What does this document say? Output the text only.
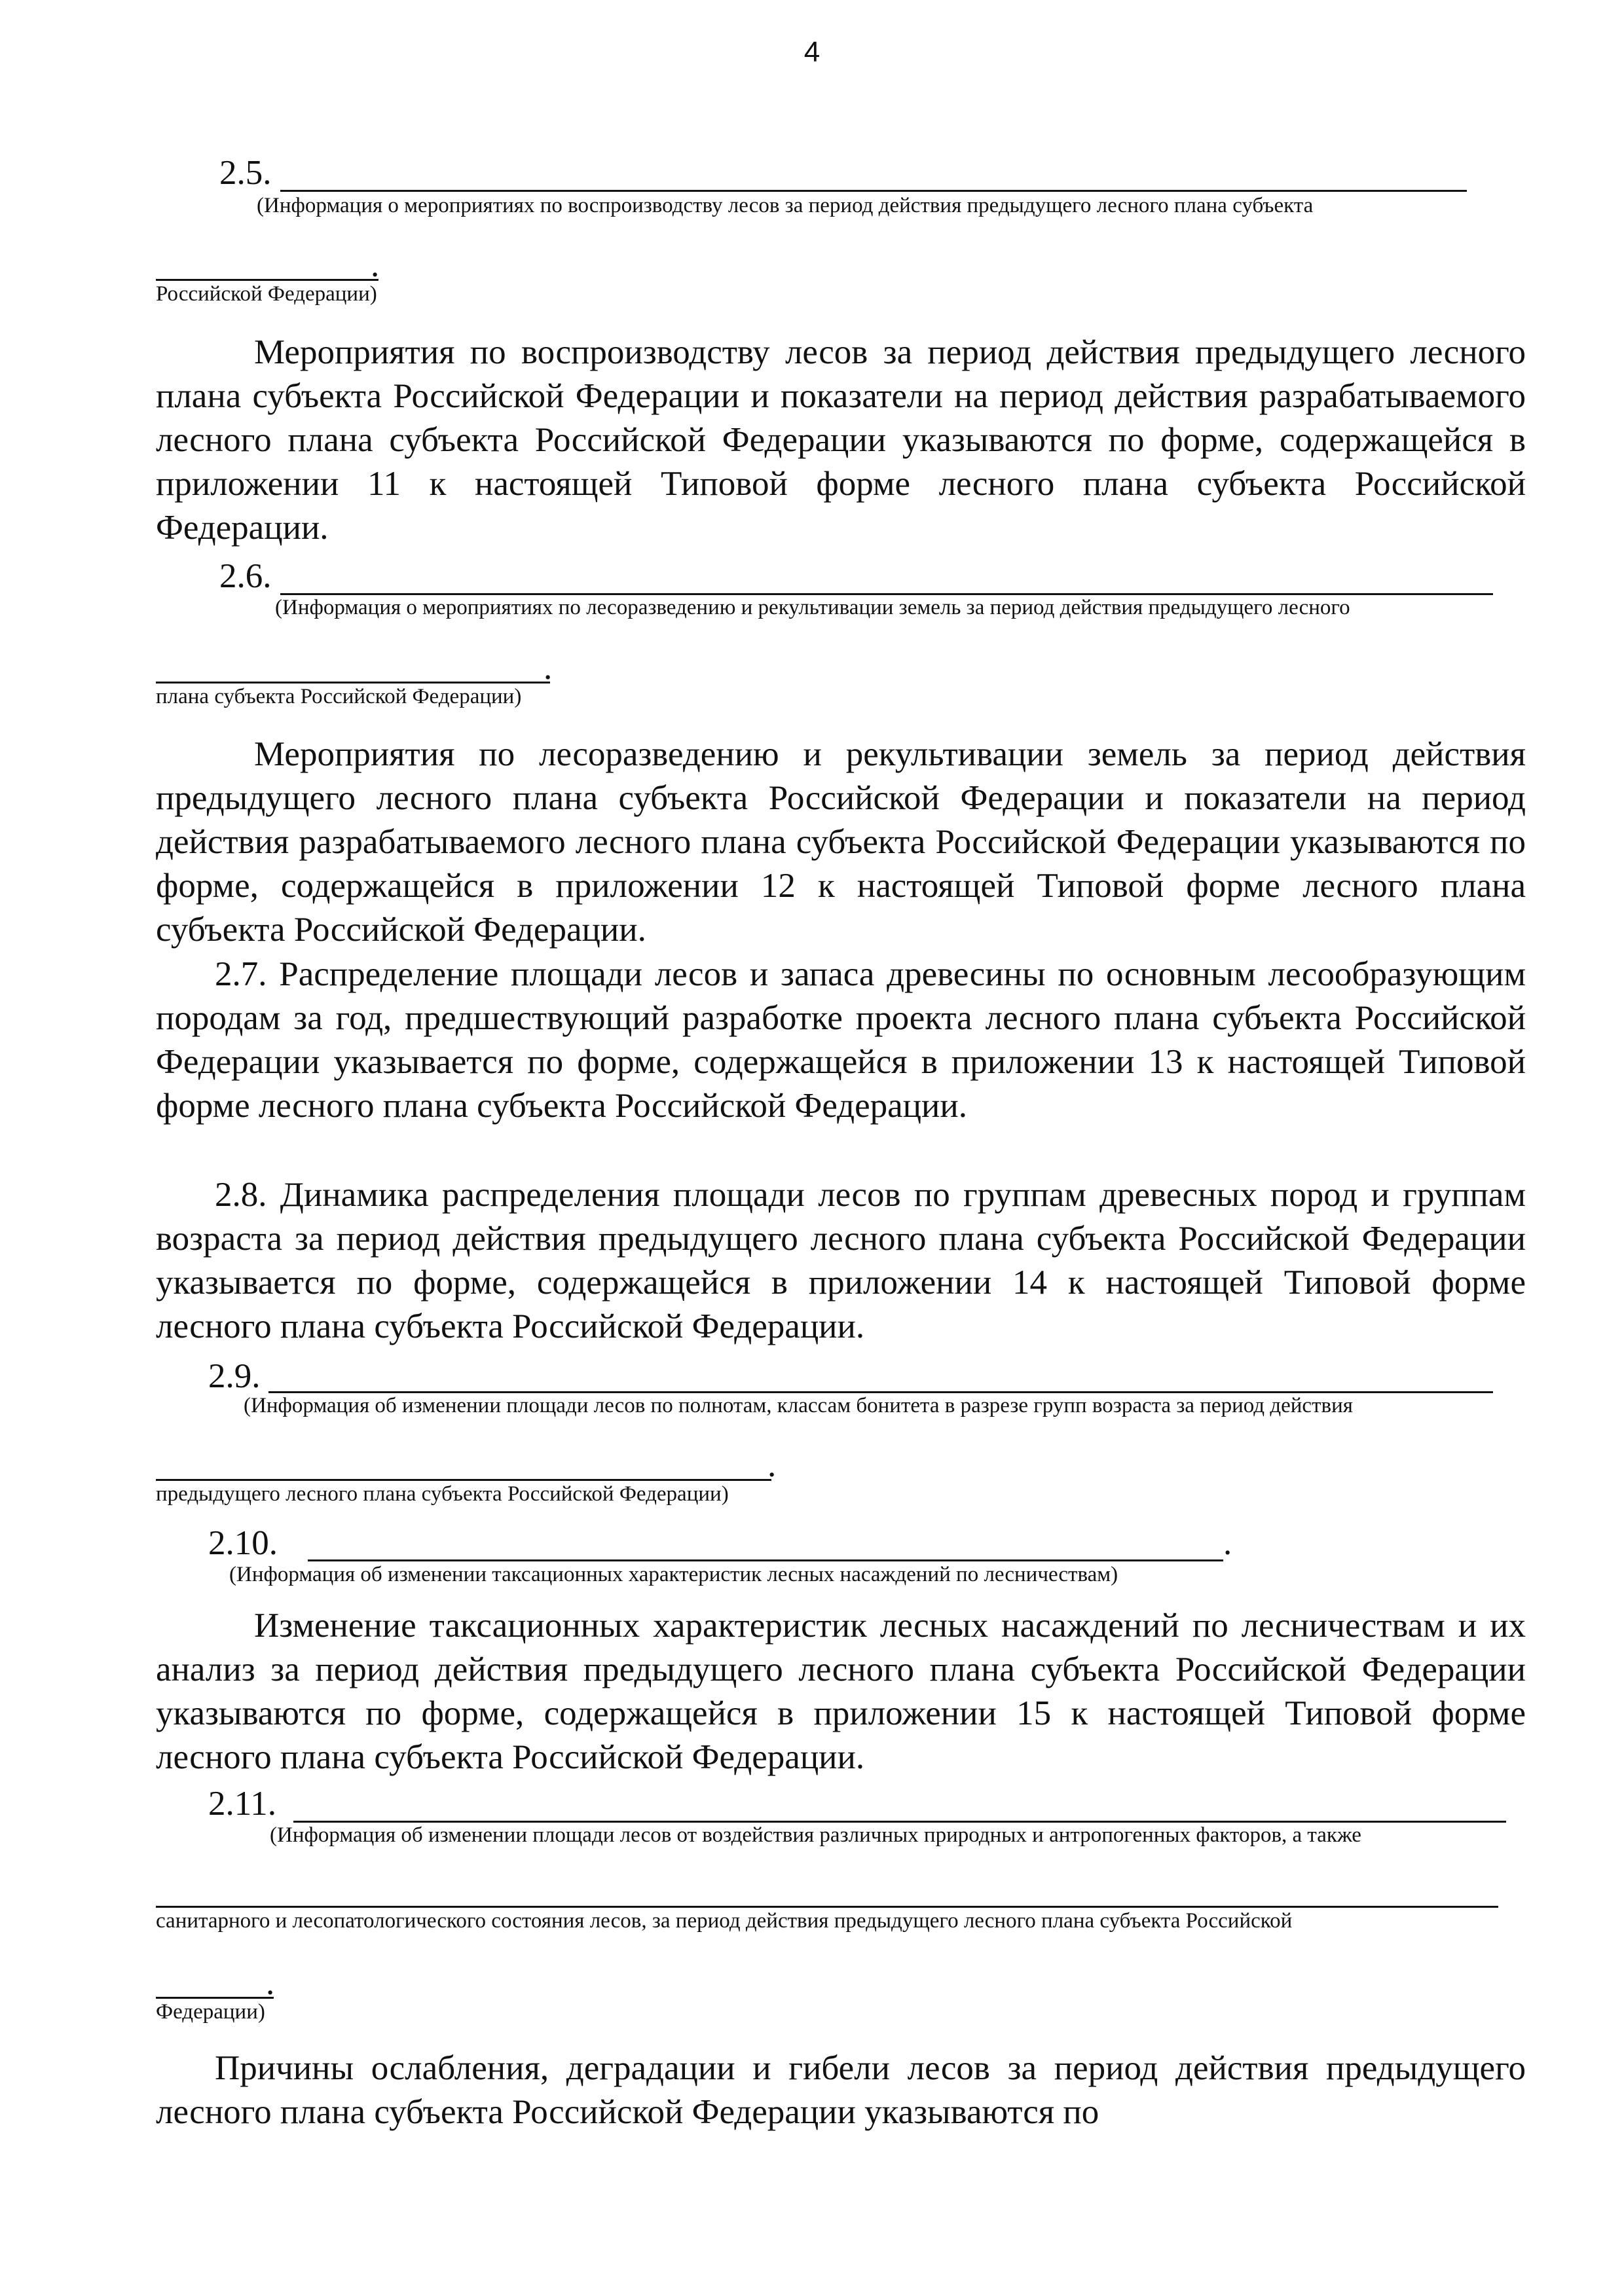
4
2.5.
(Информация о мероприятиях по воспроизводству лесов за период действия предыдущего лесного плана субъекта
.
Российской Федерации)
Мероприятия по воспроизводству лесов за период действия предыдущего лесного плана субъекта Российской Федерации и показатели на период действия разрабатываемого лесного плана субъекта Российской Федерации указываются по форме, содержащейся в приложении 11 к настоящей Типовой форме лесного плана субъекта Российской Федерации.
2.6.
(Информация о мероприятиях по лесоразведению и рекультивации земель за период действия предыдущего лесного
.
плана субъекта Российской Федерации)
Мероприятия по лесоразведению и рекультивации земель за период действия предыдущего лесного плана субъекта Российской Федерации и показатели на период действия разрабатываемого лесного плана субъекта Российской Федерации указываются по форме, содержащейся в приложении 12 к настоящей Типовой форме лесного плана субъекта Российской Федерации.
2.7. Распределение площади лесов и запаса древесины по основным лесообразующим породам за год, предшествующий разработке проекта лесного плана субъекта Российской Федерации указывается по форме, содержащейся в приложении 13 к настоящей Типовой форме лесного плана субъекта Российской Федерации.
2.8. Динамика распределения площади лесов по группам древесных пород и группам возраста за период действия предыдущего лесного плана субъекта Российской Федерации указывается по форме, содержащейся в приложении 14 к настоящей Типовой форме лесного плана субъекта Российской Федерации.
2.9.
(Информация об изменении площади лесов по полнотам, классам бонитета в разрезе групп возраста за период действия
.
предыдущего лесного плана субъекта Российской Федерации)
2.10.	.
(Информация об изменении таксационных характеристик лесных насаждений по лесничествам)
Изменение таксационных характеристик лесных насаждений по лесничествам и их анализ за период действия предыдущего лесного плана субъекта Российской Федерации указываются по форме, содержащейся в приложении 15 к настоящей Типовой форме лесного плана субъекта Российской Федерации.
2.11.
(Информация об изменении площади лесов от воздействия различных природных и антропогенных факторов, а также
санитарного и лесопатологического состояния лесов, за период действия предыдущего лесного плана субъекта Российской
.
Федерации)
Причины ослабления, деградации и гибели лесов за период действия предыдущего лесного плана субъекта Российской Федерации указываются по
